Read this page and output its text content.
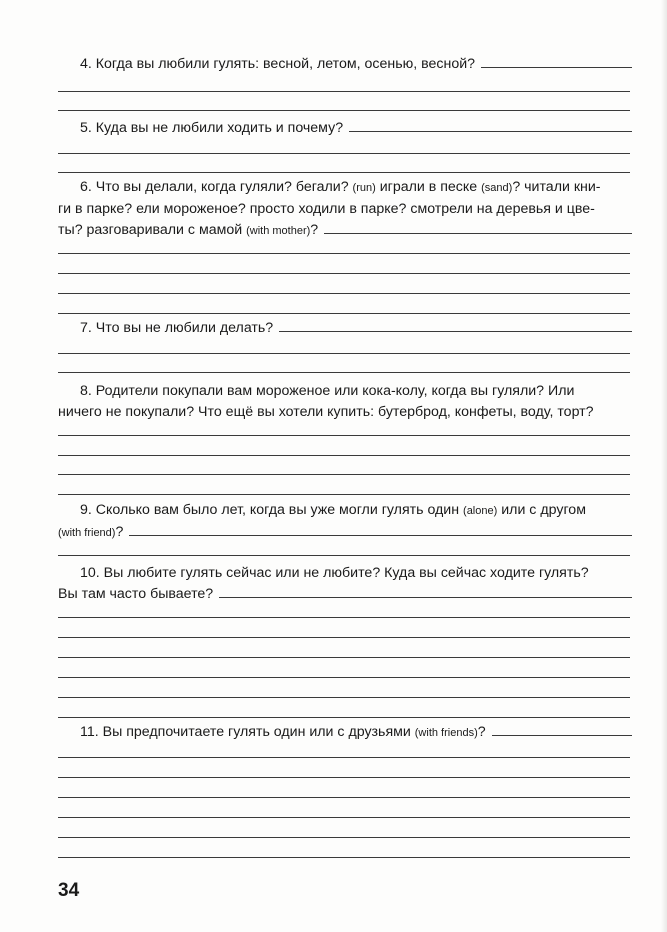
4. Когда вы любили гулять: весной, летом, осенью, весной?
5. Куда вы не любили ходить и почему?

6. Что вы делали, когда гуляли? бегали? (run) играли в песке (sand)? читали кни-

ги в парке? ели мороженое? просто ходили в парке? смотрели на деревья и цве-

ты? разговаривали с мамой (with mother)?
7. Что вы не любили делать?

8. Родители покупали вам мороженое или кока-колу, когда вы гуляли? Или

ничего не покупали? Что ещё вы хотели купить: бутерброд, конфеты, воду, торт?

9. Сколько вам было лет, когда вы уже могли гулять один (alone) или с другом

(with friend)?

10. Вы любите гулять сейчас или не любите? Куда вы сейчас ходите гулять?

Вы там часто бываете?
11. Вы предпочитаете гулять один или с друзьями (with friends)?
34
